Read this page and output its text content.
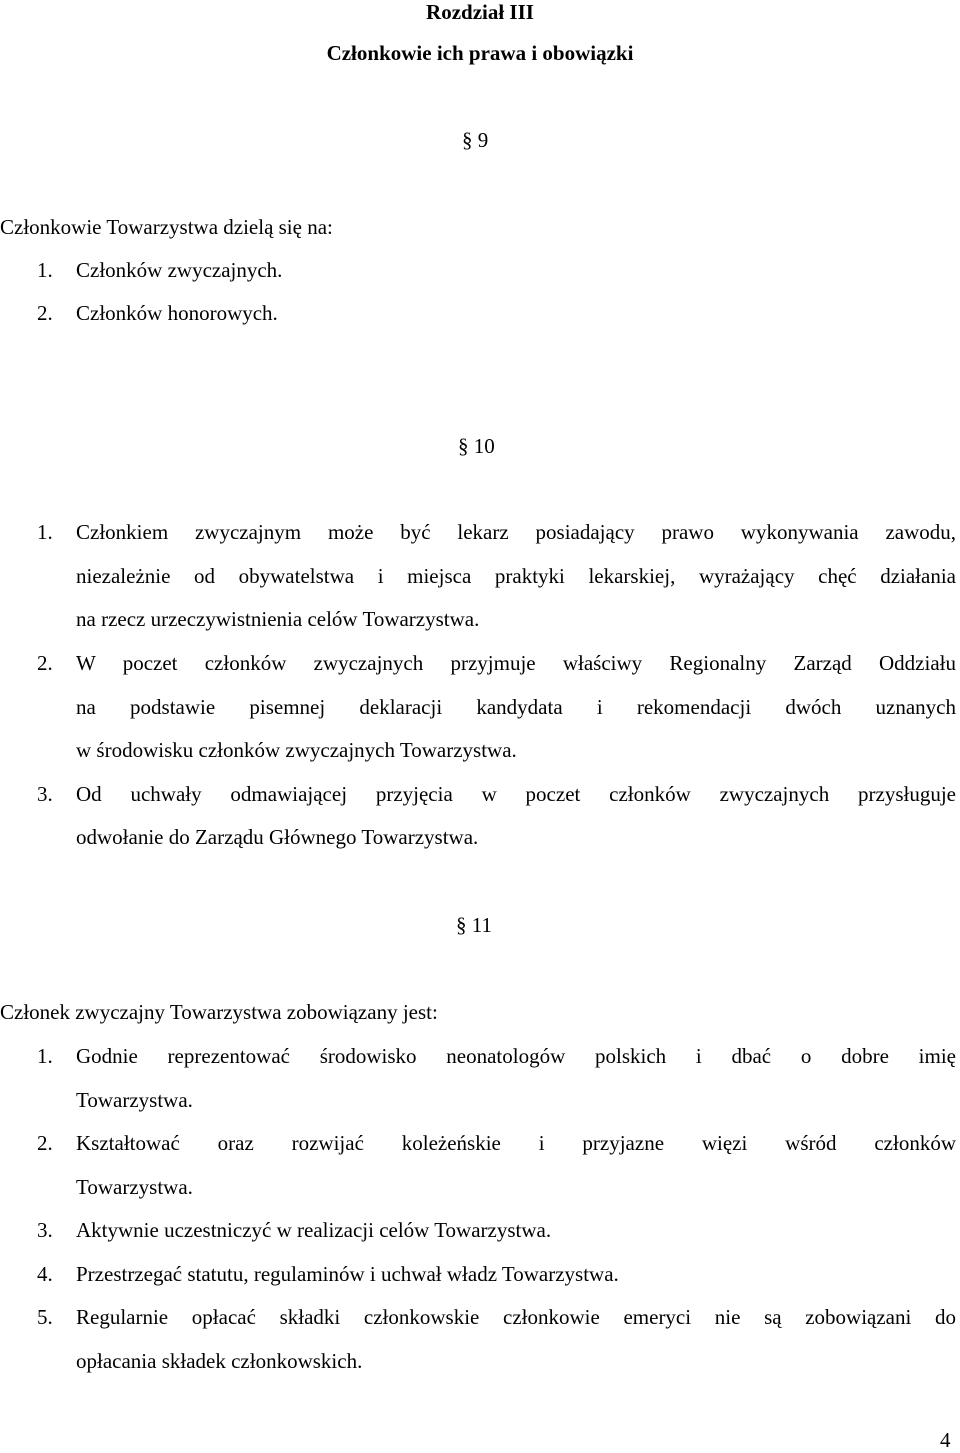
Rozdział III
Członkowie ich prawa i obowiązki
§ 9
Członkowie Towarzystwa dzielą się na:
1. Członków zwyczajnych.
2. Członków honorowych.
§ 10
1. Członkiem zwyczajnym może być lekarz posiadający prawo wykonywania zawodu,
niezależnie od obywatelstwa i miejsca praktyki lekarskiej, wyrażający chęć działania
na rzecz urzeczywistnienia celów Towarzystwa.
2. W poczet członków zwyczajnych przyjmuje właściwy Regionalny Zarząd Oddziału
na podstawie pisemnej deklaracji kandydata i rekomendacji dwóch uznanych
w środowisku członków zwyczajnych Towarzystwa.
3. Od uchwały odmawiającej przyjęcia w poczet członków zwyczajnych przysługuje
odwołanie do Zarządu Głównego Towarzystwa.
§ 11
Członek zwyczajny Towarzystwa zobowiązany jest:
1. Godnie reprezentować środowisko neonatologów polskich i dbać o dobre imię
Towarzystwa.
2. Kształtować oraz rozwijać koleżeńskie i przyjazne więzi wśród członków
Towarzystwa.
3. Aktywnie uczestniczyć w realizacji celów Towarzystwa.
4. Przestrzegać statutu, regulaminów i uchwał władz Towarzystwa.
5. Regularnie opłacać składki członkowskie członkowie emeryci nie są zobowiązani do
opłacania składek członkowskich.
4
